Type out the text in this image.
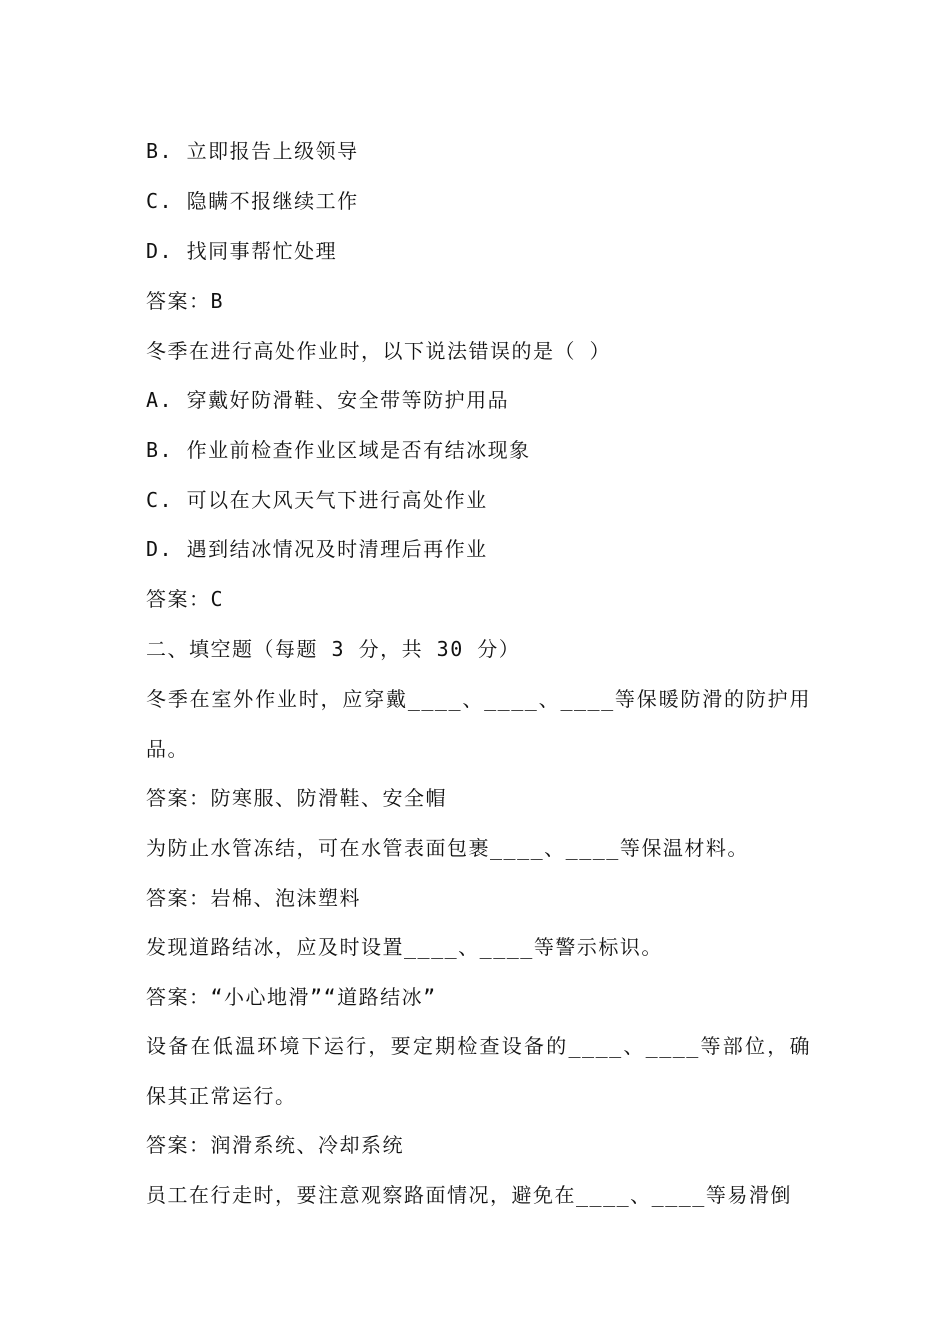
B. 立即报告上级领导
C. 隐瞒不报继续工作
D. 找同事帮忙处理
答案：B
冬季在进行高处作业时，以下说法错误的是（ ）
A. 穿戴好防滑鞋、安全带等防护用品
B. 作业前检查作业区域是否有结冰现象
C. 可以在大风天气下进行高处作业
D. 遇到结冰情况及时清理后再作业
答案：C
二、填空题（每题 3 分，共 30 分）
冬季在室外作业时，应穿戴____、____、____等保暖防滑的防护用品。
答案：防寒服、防滑鞋、安全帽
为防止水管冻结，可在水管表面包裹____、____等保温材料。
答案：岩棉、泡沫塑料
发现道路结冰，应及时设置____、____等警示标识。
答案：“小心地滑”“道路结冰”
设备在低温环境下运行，要定期检查设备的____、____等部位，确保其正常运行。
答案：润滑系统、冷却系统
员工在行走时，要注意观察路面情况，避免在____、____等易滑倒
